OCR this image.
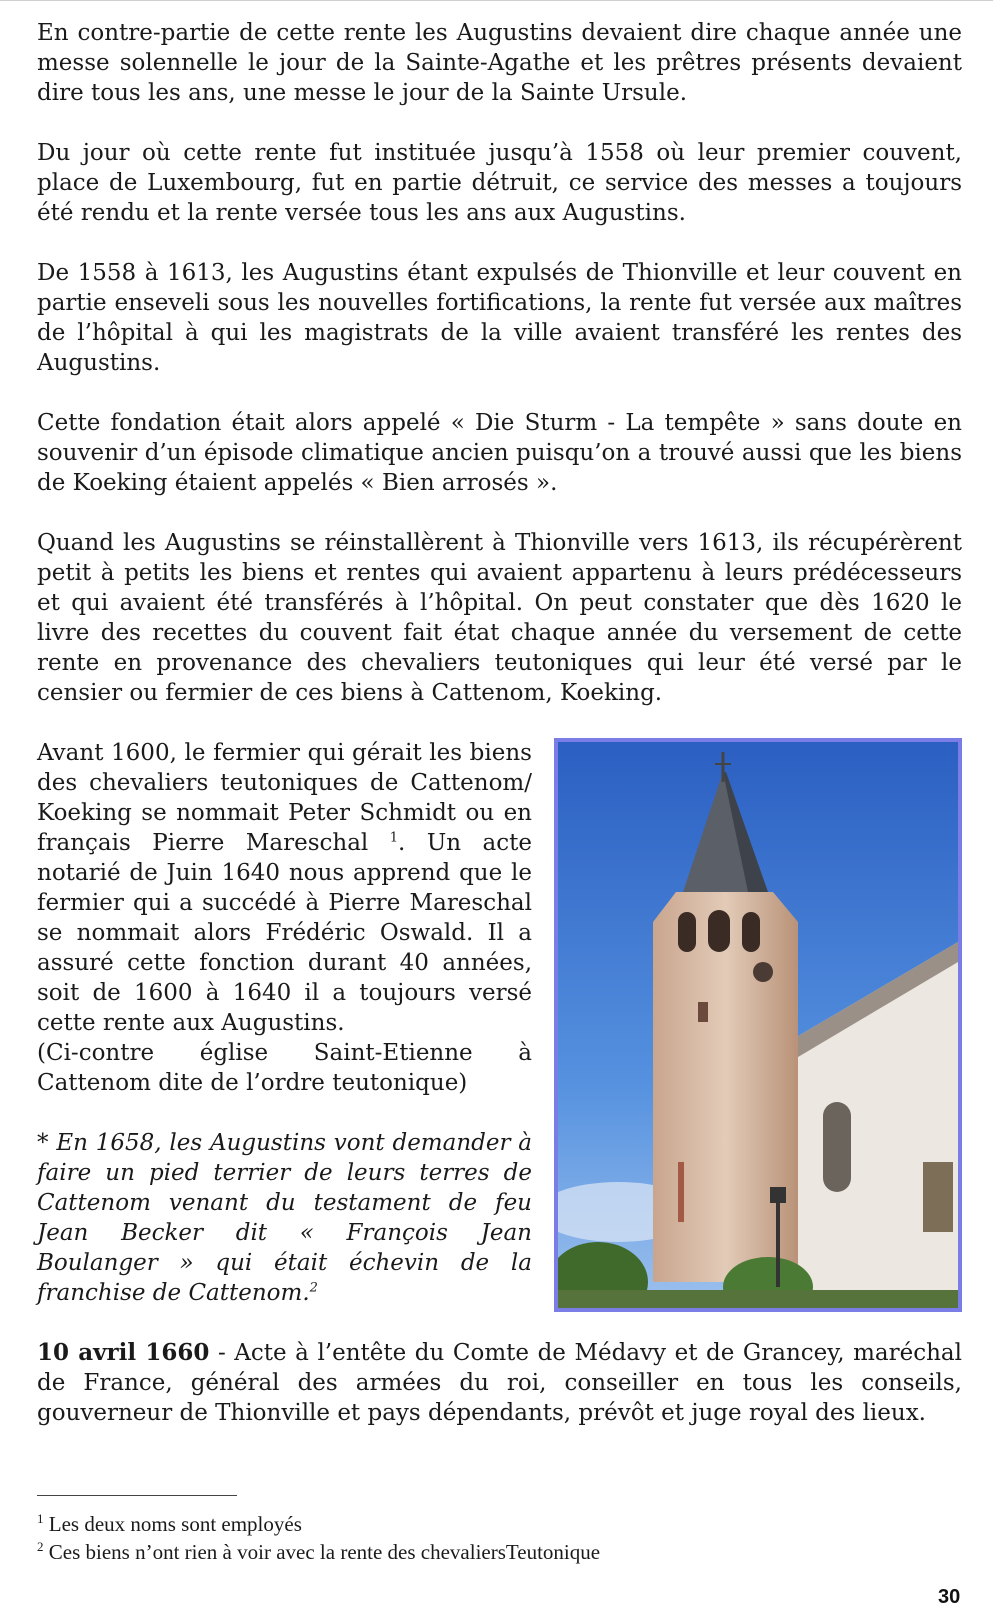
En contre-partie de cette rente les Augustins devaient dire chaque année une messe solennelle le jour de la Sainte-Agathe et les prêtres présents devaient dire tous les ans, une messe le jour de la Sainte Ursule.

Du jour où cette rente fut instituée jusqu’à 1558 où leur premier couvent, place de Luxembourg, fut en partie détruit, ce service des messes a toujours été rendu et la rente versée tous les ans aux Augustins.

De 1558 à 1613, les Augustins étant expulsés de Thionville et leur couvent en partie enseveli sous les nouvelles fortifications, la rente fut versée aux maîtres de l’hôpital à qui les magistrats de la ville avaient transféré les rentes des Augustins.

Cette fondation était alors appelé « Die Sturm - La tempête » sans doute en souvenir d’un épisode climatique ancien puisqu’on a trouvé aussi que les biens de Koeking étaient appelés « Bien arrosés ».

Quand les Augustins se réinstallèrent à Thionville vers 1613, ils récupérèrent petit à petits les biens et rentes qui avaient appartenu à leurs prédécesseurs et qui avaient été transférés à l’hôpital. On peut constater que dès 1620 le livre des recettes du couvent fait état chaque année du versement de cette rente en provenance des chevaliers teutoniques qui leur été versé par le censier ou fermier de ces biens à Cattenom, Koeking.

Avant 1600, le fermier qui gérait les biens des chevaliers teutoniques de Cattenom/ Koeking se nommait Peter Schmidt ou en français Pierre Mareschal $^1$. Un acte notarié de Juin 1640 nous apprend que le fermier qui a succédé à Pierre Mareschal se nommait alors Frédéric Oswald. Il a assuré cette fonction durant 40 années, soit de 1600 à 1640 il a toujours versé cette rente aux Augustins.

(Ci-contre église Saint-Etienne à Cattenom dite de l’ordre teutonique)

* En 1658, les Augustins vont demander à faire un pied terrier de leurs terres de Cattenom venant du testament de feu Jean Becker dit « François Jean Boulanger » qui était échevin de la franchise de Cattenom.$^2$

10 avril 1660 - Acte à l’entête du Comte de Médavy et de Grancey, maréchal de France, général des armées du roi, conseiller en tous les conseils, gouverneur de Thionville et pays dépendants, prévôt et juge royal des lieux.

$^1$ Les deux noms sont employés
$^2$ Ces biens n’ont rien à voir avec la rente des chevaliersTeutonique
30
